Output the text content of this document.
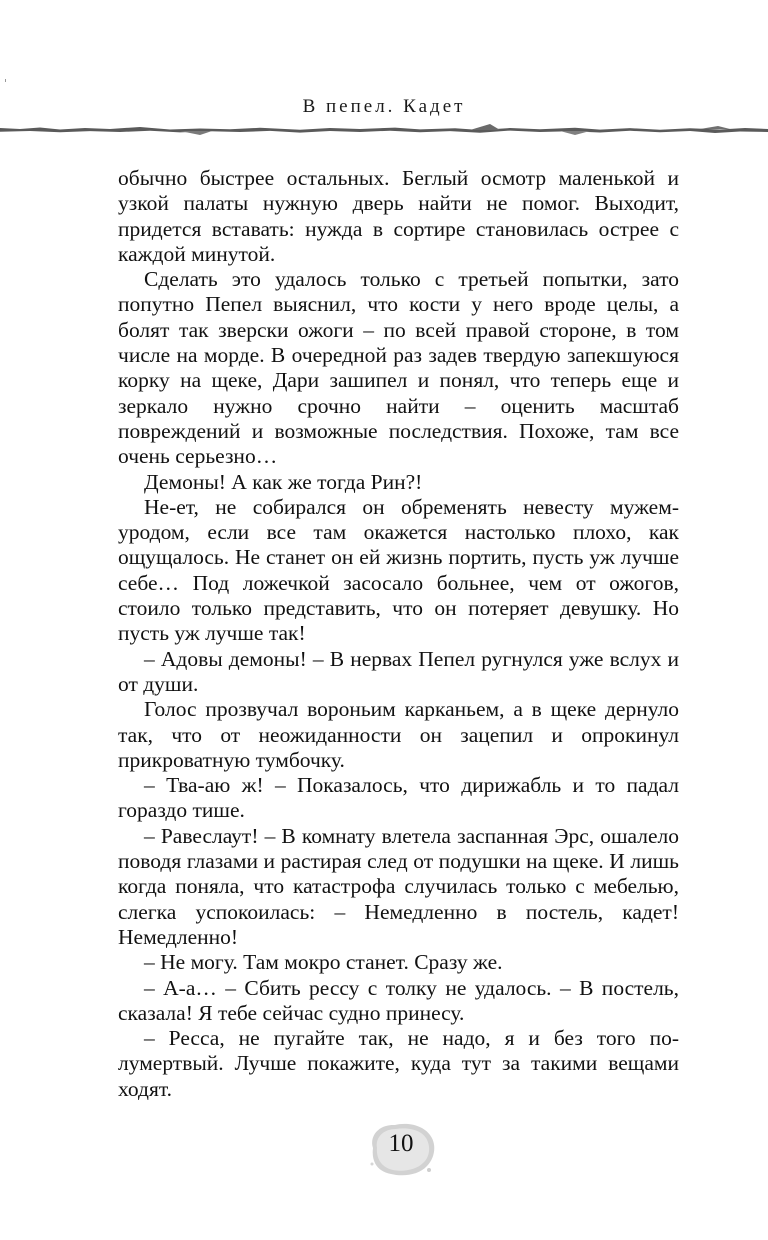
В пепел. Кадет

обычно быстрее остальных. Беглый осмотр маленькой и узкой палаты нужную дверь найти не помог. Выходит, придется вставать: нужда в сортире становилась острее с каждой минутой.

Сделать это удалось только с третьей попытки, зато попутно Пепел выяснил, что кости у него вроде целы, а болят так зверски ожоги – по всей правой стороне, в том числе на морде. В очередной раз задев твердую запекшуюся корку на щеке, Дари зашипел и понял, что теперь еще и зеркало нужно срочно найти – оценить масштаб повреждений и возможные последствия. Похоже, там все очень серьезно…

Демоны! А как же тогда Рин?!

Не-ет, не собирался он обременять невесту мужем-уродом, если все там окажется настолько плохо, как ощущалось. Не станет он ей жизнь портить, пусть уж лучше себе… Под ложечкой засосало больнее, чем от ожогов, стоило только представить, что он потеряет девушку. Но пусть уж лучше так!

– Адовы демоны! – В нервах Пепел ругнулся уже вслух и от души.

Голос прозвучал вороньим карканьем, а в щеке дернуло так, что от неожиданности он зацепил и опрокинул прикроватную тумбочку.

– Тва-аю ж! – Показалось, что дирижабль и то падал гораздо тише.

– Равеслаут! – В комнату влетела заспанная Эрс, ошалело поводя глазами и растирая след от подушки на щеке. И лишь когда поняла, что катастрофа случилась только с мебелью, слегка успокоилась: – Немедленно в постель, кадет! Немедленно!

– Не могу. Там мокро станет. Сразу же.

– А-а… – Сбить рессу с толку не удалось. – В постель, сказала! Я тебе сейчас судно принесу.

– Ресса, не пугайте так, не надо, я и без того полумертвый. Лучше покажите, куда тут за такими вещами ходят.

10
